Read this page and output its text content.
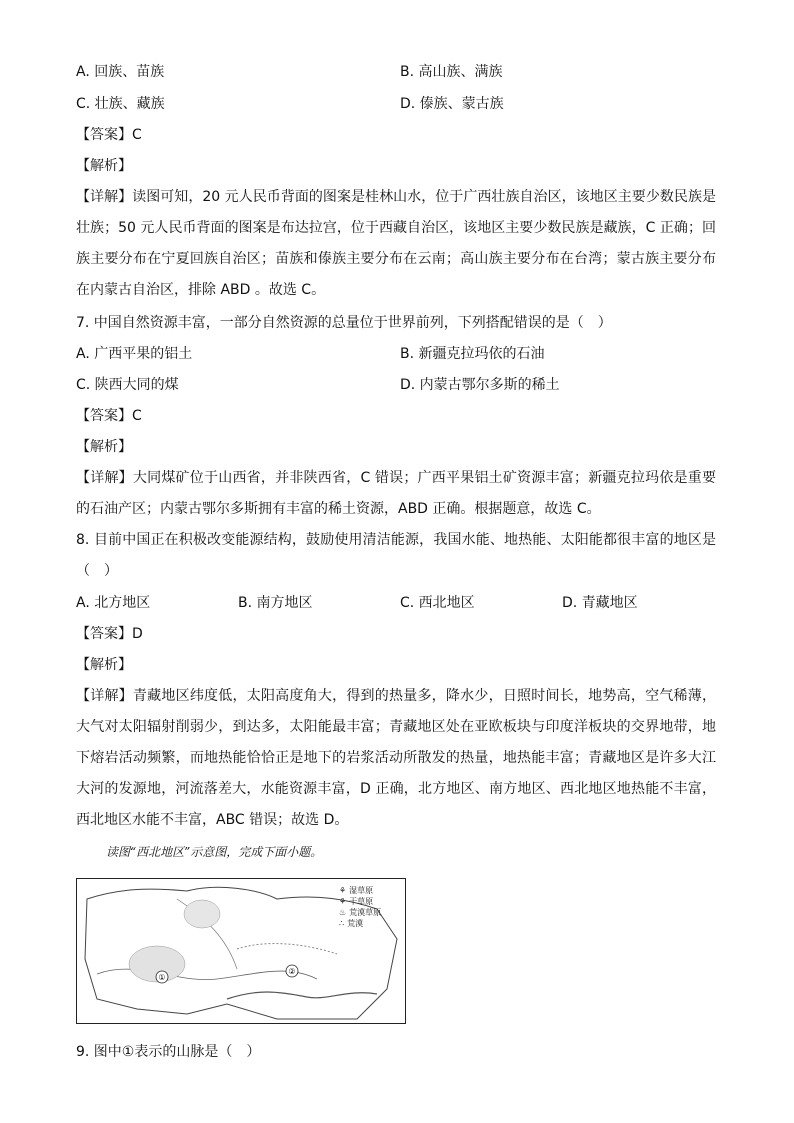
A. 回族、苗族	B. 高山族、满族
C. 壮族、藏族	D. 傣族、蒙古族
【答案】C
【解析】
【详解】读图可知，20 元人民币背面的图案是桂林山水，位于广西壮族自治区，该地区主要少数民族是壮族；50 元人民币背面的图案是布达拉宫，位于西藏自治区，该地区主要少数民族是藏族，C 正确；回族主要分布在宁夏回族自治区；苗族和傣族主要分布在云南；高山族主要分布在台湾；蒙古族主要分布在内蒙古自治区，排除 ABD 。故选 C。
7. 中国自然资源丰富，一部分自然资源的总量位于世界前列，下列搭配错误的是（　）
A. 广西平果的铝土	B. 新疆克拉玛依的石油
C. 陕西大同的煤	D. 内蒙古鄂尔多斯的稀土
【答案】C
【解析】
【详解】大同煤矿位于山西省，并非陕西省，C 错误；广西平果铝土矿资源丰富；新疆克拉玛依是重要的石油产区；内蒙古鄂尔多斯拥有丰富的稀土资源，ABD 正确。根据题意，故选 C。
8. 目前中国正在积极改变能源结构，鼓励使用清洁能源，我国水能、地热能、太阳能都很丰富的地区是（　）
A. 北方地区	B. 南方地区	C. 西北地区	D. 青藏地区
【答案】D
【解析】
【详解】青藏地区纬度低，太阳高度角大，得到的热量多，降水少，日照时间长，地势高，空气稀薄，大气对太阳辐射削弱少，到达多，太阳能最丰富；青藏地区处在亚欧板块与印度洋板块的交界地带，地下熔岩活动频繁，而地热能恰恰正是地下的岩浆活动所散发的热量，地热能丰富；青藏地区是许多大江大河的发源地，河流落差大，水能资源丰富，D 正确，北方地区、南方地区、西北地区地热能不丰富，西北地区水能不丰富，ABC 错误；故选 D。
读图“西北地区”示意图，完成下面小题。
①
②
⚘ 湿草原
⚘ 干草原
♨ 荒漠草原
∴ 荒漠
9. 图中①表示的山脉是（　）
